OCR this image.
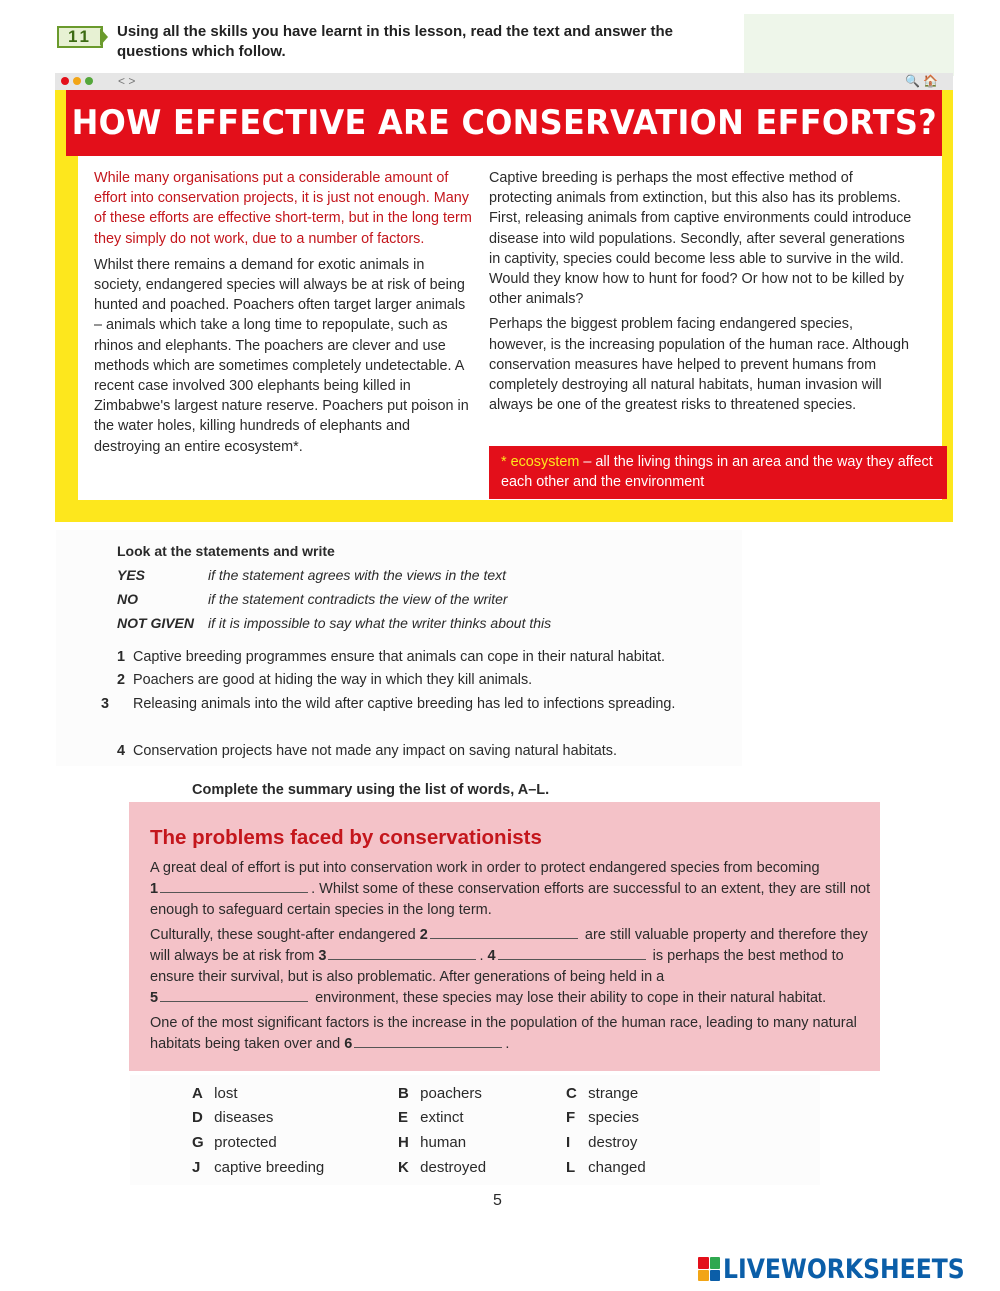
11	Using all the skills you have learnt in this lesson, read the text and answer the
questions which follow.
< >	🔍 🏠
HOW EFFECTIVE ARE CONSERVATION EFFORTS?

While many organisations put a considerable amount of effort into conservation projects, it is just not enough. Many of these efforts are effective short-term, but in the long term they simply do not work, due to a number of factors.

Whilst there remains a demand for exotic animals in society, endangered species will always be at risk of being hunted and poached. Poachers often target larger animals – animals which take a long time to repopulate, such as rhinos and elephants. The poachers are clever and use methods which are sometimes completely undetectable. A recent case involved 300 elephants being killed in Zimbabwe's largest nature reserve. Poachers put poison in the water holes, killing hundreds of elephants and destroying an entire ecosystem*.

Captive breeding is perhaps the most effective method of protecting animals from extinction, but this also has its problems. First, releasing animals from captive environments could introduce disease into wild populations. Secondly, after several generations in captivity, species could become less able to survive in the wild. Would they know how to hunt for food? Or how not to be killed by other animals?

Perhaps the biggest problem facing endangered species, however, is the increasing population of the human race. Although conservation measures have helped to prevent humans from completely destroying all natural habitats, human invasion will always be one of the greatest risks to threatened species.

* ecosystem – all the living things in an area and the way they affect each other and the environment
Look at the statements and write
YES	if the statement agrees with the views in the text
NO	if the statement contradicts the view of the writer
NOT GIVEN if it is impossible to say what the writer thinks about this
1 Captive breeding programmes ensure that animals can cope in their natural habitat.
2 Poachers are good at hiding the way in which they kill animals.
3 Releasing animals into the wild after captive breeding has led to infections spreading.
4 Conservation projects have not made any impact on saving natural habitats.
Complete the summary using the list of words, A–L.
The problems faced by conservationists

A great deal of effort is put into conservation work in order to protect endangered species from becoming
1	. Whilst some of these conservation efforts are successful to an extent, they are still not enough to safeguard certain species in the long term.

Culturally, these sought-after endangered 2	are still valuable property and therefore they will always be at risk from 3	. 4	is perhaps the best method to ensure their survival, but is also problematic. After generations of being held in a
5	environment, these species may lose their ability to cope in their natural habitat.

One of the most significant factors is the increase in the population of the human race, leading to many natural habitats being taken over and 6	.

A lost	B poachers	C strange
D diseases	E extinct	F species
G protected	H human	I destroy
J captive breeding	K destroyed	L changed
5
LIVEWORKSHEETS
